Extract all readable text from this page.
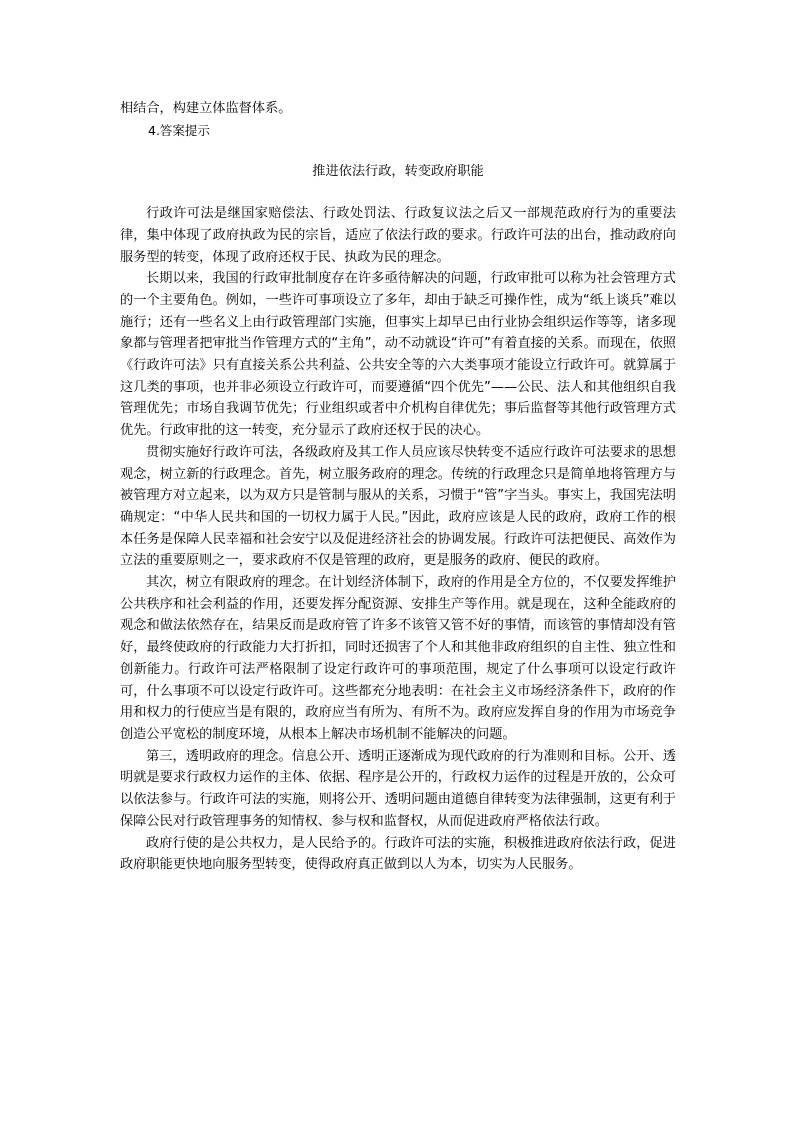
相结合，构建立体监督体系。

4.答案提示

推进依法行政，转变政府职能

行政许可法是继国家赔偿法、行政处罚法、行政复议法之后又一部规范政府行为的重要法律，集中体现了政府执政为民的宗旨，适应了依法行政的要求。行政许可法的出台，推动政府向服务型的转变，体现了政府还权于民、执政为民的理念。

长期以来，我国的行政审批制度存在许多亟待解决的问题，行政审批可以称为社会管理方式的一个主要角色。例如，一些许可事项设立了多年，却由于缺乏可操作性，成为“纸上谈兵”难以施行；还有一些名义上由行政管理部门实施，但事实上却早已由行业协会组织运作等等，诸多现象都与管理者把审批当作管理方式的“主角”，动不动就设“许可”有着直接的关系。而现在，依照《行政许可法》只有直接关系公共利益、公共安全等的六大类事项才能设立行政许可。就算属于这几类的事项，也并非必须设立行政许可，而要遵循“四个优先”——公民、法人和其他组织自我管理优先；市场自我调节优先；行业组织或者中介机构自律优先；事后监督等其他行政管理方式优先。行政审批的这一转变，充分显示了政府还权于民的决心。

贯彻实施好行政许可法，各级政府及其工作人员应该尽快转变不适应行政许可法要求的思想观念，树立新的行政理念。首先，树立服务政府的理念。传统的行政理念只是简单地将管理方与被管理方对立起来，以为双方只是管制与服从的关系，习惯于“管”字当头。事实上，我国宪法明确规定：“中华人民共和国的一切权力属于人民。”因此，政府应该是人民的政府，政府工作的根本任务是保障人民幸福和社会安宁以及促进经济社会的协调发展。行政许可法把便民、高效作为立法的重要原则之一，要求政府不仅是管理的政府，更是服务的政府、便民的政府。

其次，树立有限政府的理念。在计划经济体制下，政府的作用是全方位的，不仅要发挥维护公共秩序和社会利益的作用，还要发挥分配资源、安排生产等作用。就是现在，这种全能政府的观念和做法依然存在，结果反而是政府管了许多不该管又管不好的事情，而该管的事情却没有管好，最终使政府的行政能力大打折扣，同时还损害了个人和其他非政府组织的自主性、独立性和创新能力。行政许可法严格限制了设定行政许可的事项范围，规定了什么事项可以设定行政许可，什么事项不可以设定行政许可。这些都充分地表明：在社会主义市场经济条件下，政府的作用和权力的行使应当是有限的，政府应当有所为、有所不为。政府应发挥自身的作用为市场竞争创造公平宽松的制度环境，从根本上解决市场机制不能解决的问题。

第三，透明政府的理念。信息公开、透明正逐渐成为现代政府的行为准则和目标。公开、透明就是要求行政权力运作的主体、依据、程序是公开的，行政权力运作的过程是开放的，公众可以依法参与。行政许可法的实施，则将公开、透明问题由道德自律转变为法律强制，这更有利于保障公民对行政管理事务的知情权、参与权和监督权，从而促进政府严格依法行政。

政府行使的是公共权力，是人民给予的。行政许可法的实施，积极推进政府依法行政，促进政府职能更快地向服务型转变，使得政府真正做到以人为本，切实为人民服务。
